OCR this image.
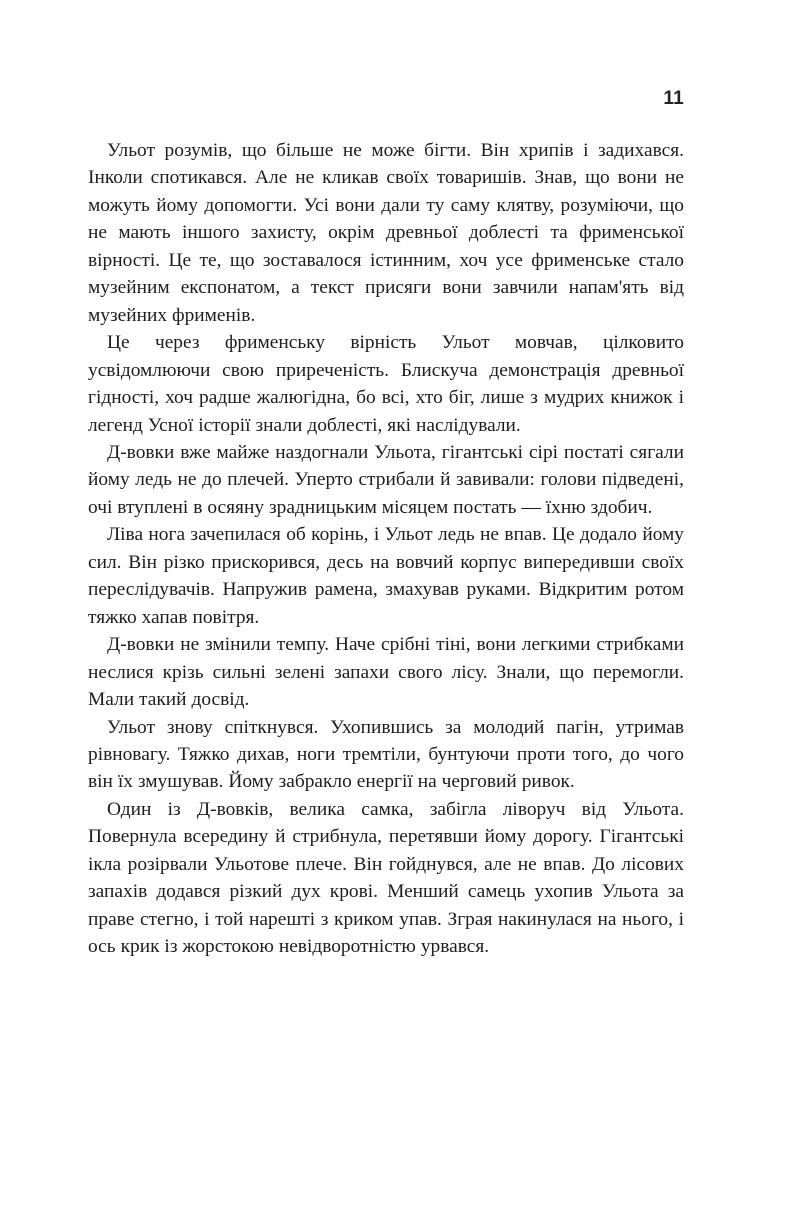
11

Ульот розумів, що більше не може бігти. Він хрипів і задихався. Інколи спотикався. Але не кликав своїх товаришів. Знав, що вони не можуть йому допомогти. Усі вони дали ту саму клятву, розуміючи, що не мають іншого захисту, окрім древньої доблесті та фрименської вірності. Це те, що зоставалося істинним, хоч усе фрименське стало музейним експонатом, а текст присяги вони завчили напам'ять від музейних фрименів.

Це через фрименську вірність Ульот мовчав, цілковито усвідомлюючи свою приреченість. Блискуча демонстрація древньої гідності, хоч радше жалюгідна, бо всі, хто біг, лише з мудрих книжок і легенд Усної історії знали доблесті, які наслідували.

Д-вовки вже майже наздогнали Ульота, гігантські сірі постаті сягали йому ледь не до плечей. Уперто стрибали й завивали: голови підведені, очі втуплені в осяяну зрадницьким місяцем постать — їхню здобич.

Ліва нога зачепилася об корінь, і Ульот ледь не впав. Це додало йому сил. Він різко прискорився, десь на вовчий корпус випередивши своїх переслідувачів. Напружив рамена, змахував руками. Відкритим ротом тяжко хапав повітря.

Д-вовки не змінили темпу. Наче срібні тіні, вони легкими стрибками неслися крізь сильні зелені запахи свого лісу. Знали, що перемогли. Мали такий досвід.

Ульот знову спіткнувся. Ухопившись за молодий пагін, утримав рівновагу. Тяжко дихав, ноги тремтіли, бунтуючи проти того, до чого він їх змушував. Йому забракло енергії на черговий ривок.

Один із Д-вовків, велика самка, забігла ліворуч від Ульота. Повернула всередину й стрибнула, перетявши йому дорогу. Гігантські ікла розірвали Ульотове плече. Він гойднувся, але не впав. До лісових запахів додався різкий дух крові. Менший самець ухопив Ульота за праве стегно, і той нарешті з криком упав. Зграя накинулася на нього, і ось крик із жорстокою невідворотністю урвався.
